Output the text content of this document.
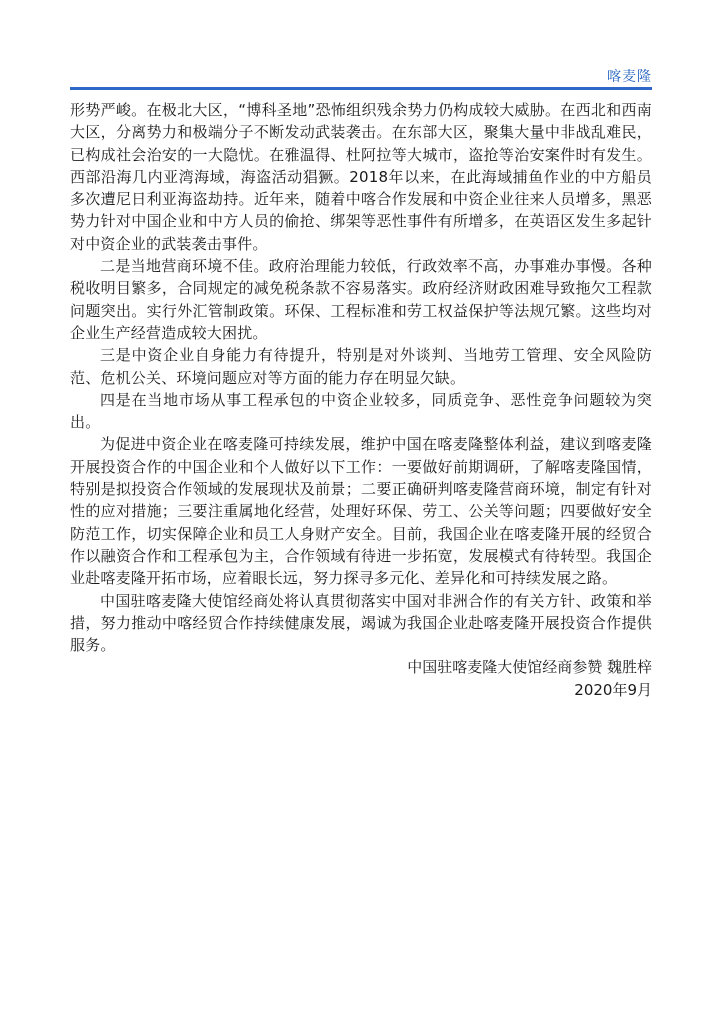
喀麦隆

形势严峻。在极北大区，“博科圣地”恐怖组织残余势力仍构成较大威胁。在西北和西南大区，分离势力和极端分子不断发动武装袭击。在东部大区，聚集大量中非战乱难民，已构成社会治安的一大隐忧。在雅温得、杜阿拉等大城市，盗抢等治安案件时有发生。西部沿海几内亚湾海域，海盗活动猖獗。2018年以来，在此海域捕鱼作业的中方船员多次遭尼日利亚海盗劫持。近年来，随着中喀合作发展和中资企业往来人员增多，黑恶势力针对中国企业和中方人员的偷抢、绑架等恶性事件有所增多，在英语区发生多起针对中资企业的武装袭击事件。

二是当地营商环境不佳。政府治理能力较低，行政效率不高，办事难办事慢。各种税收明目繁多，合同规定的减免税条款不容易落实。政府经济财政困难导致拖欠工程款问题突出。实行外汇管制政策。环保、工程标准和劳工权益保护等法规冗繁。这些均对企业生产经营造成较大困扰。

三是中资企业自身能力有待提升，特别是对外谈判、当地劳工管理、安全风险防范、危机公关、环境问题应对等方面的能力存在明显欠缺。

四是在当地市场从事工程承包的中资企业较多，同质竞争、恶性竞争问题较为突出。

为促进中资企业在喀麦隆可持续发展，维护中国在喀麦隆整体利益，建议到喀麦隆开展投资合作的中国企业和个人做好以下工作：一要做好前期调研，了解喀麦隆国情，特别是拟投资合作领域的发展现状及前景；二要正确研判喀麦隆营商环境，制定有针对性的应对措施；三要注重属地化经营，处理好环保、劳工、公关等问题；四要做好安全防范工作，切实保障企业和员工人身财产安全。目前，我国企业在喀麦隆开展的经贸合作以融资合作和工程承包为主，合作领域有待进一步拓宽，发展模式有待转型。我国企业赴喀麦隆开拓市场，应着眼长远，努力探寻多元化、差异化和可持续发展之路。

中国驻喀麦隆大使馆经商处将认真贯彻落实中国对非洲合作的有关方针、政策和举措，努力推动中喀经贸合作持续健康发展，竭诚为我国企业赴喀麦隆开展投资合作提供服务。

中国驻喀麦隆大使馆经商参赞 魏胜梓

2020年9月
